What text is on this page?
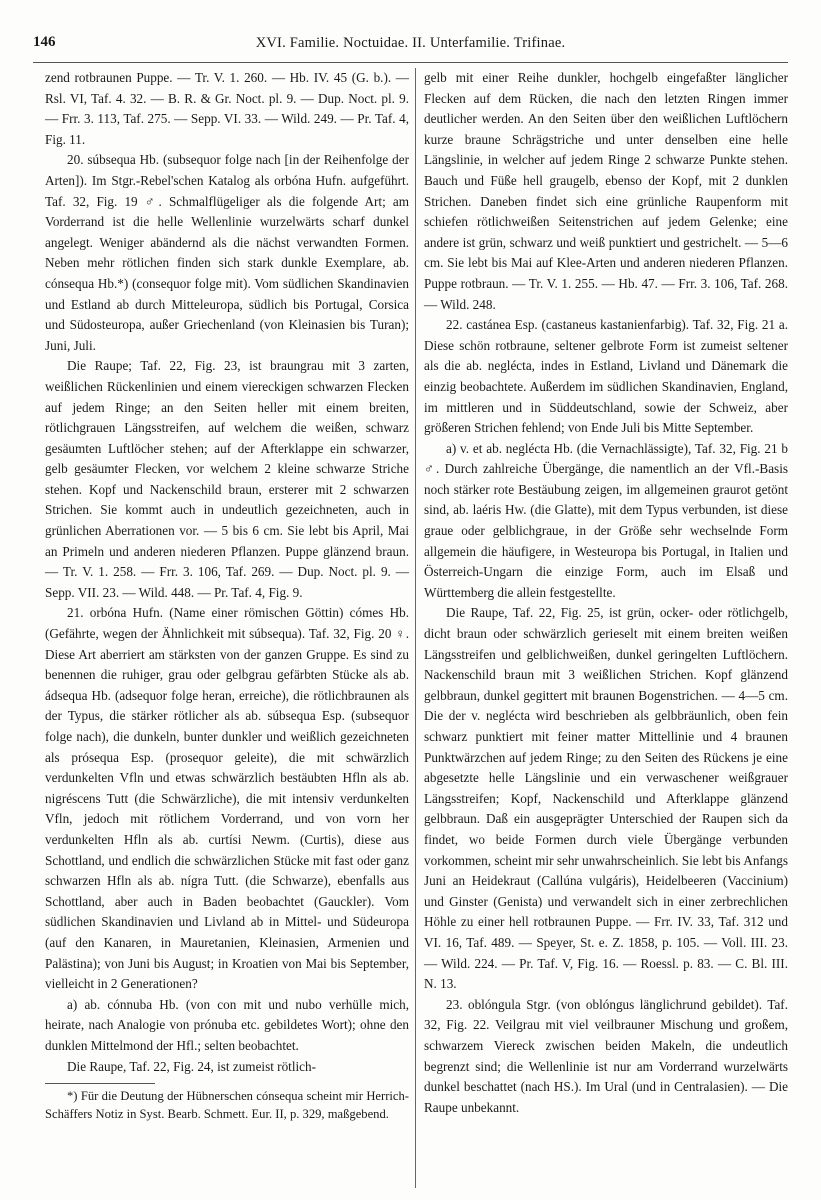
146	XVI. Familie. Noctuidae. II. Unterfamilie. Trifinae.

zend rotbraunen Puppe. — Tr. V. 1. 260. — Hb. IV. 45 (G. b.). — Rsl. VI, Taf. 4. 32. — B. R. & Gr. Noct. pl. 9. — Dup. Noct. pl. 9. — Frr. 3. 113, Taf. 275. — Sepp. VI. 33. — Wild. 249. — Pr. Taf. 4, Fig. 11.

20. súbsequa Hb. (subsequor folge nach [in der Reihenfolge der Arten]). Im Stgr.-Rebel'schen Katalog als orbóna Hufn. aufgeführt. Taf. 32, Fig. 19 ♂. Schmalflügeliger als die folgende Art; am Vorderrand ist die helle Wellenlinie wurzelwärts scharf dunkel angelegt. Weniger abändernd als die nächst verwandten Formen. Neben mehr rötlichen finden sich stark dunkle Exemplare, ab. cónsequa Hb.*) (consequor folge mit). Vom südlichen Skandinavien und Estland ab durch Mitteleuropa, südlich bis Portugal, Corsica und Südosteuropa, außer Griechenland (von Kleinasien bis Turan); Juni, Juli.

Die Raupe; Taf. 22, Fig. 23, ist braungrau mit 3 zarten, weißlichen Rückenlinien und einem viereckigen schwarzen Flecken auf jedem Ringe; an den Seiten heller mit einem breiten, rötlichgrauen Längsstreifen, auf welchem die weißen, schwarz gesäumten Luftlöcher stehen; auf der Afterklappe ein schwarzer, gelb gesäumter Flecken, vor welchem 2 kleine schwarze Striche stehen. Kopf und Nackenschild braun, ersterer mit 2 schwarzen Strichen. Sie kommt auch in undeutlich gezeichneten, auch in grünlichen Aberrationen vor. — 5 bis 6 cm. Sie lebt bis April, Mai an Primeln und anderen niederen Pflanzen. Puppe glänzend braun. — Tr. V. 1. 258. — Frr. 3. 106, Taf. 269. — Dup. Noct. pl. 9. — Sepp. VII. 23. — Wild. 448. — Pr. Taf. 4, Fig. 9.

21. orbóna Hufn. (Name einer römischen Göttin) cómes Hb. (Gefährte, wegen der Ähnlichkeit mit súbsequa). Taf. 32, Fig. 20 ♀. Diese Art aberriert am stärksten von der ganzen Gruppe. Es sind zu benennen die ruhiger, grau oder gelbgrau gefärbten Stücke als ab. ádsequa Hb. (adsequor folge heran, erreiche), die rötlichbraunen als der Typus, die stärker rötlicher als ab. súbsequa Esp. (subsequor folge nach), die dunkeln, bunter dunkler und weißlich gezeichneten als prósequa Esp. (prosequor geleite), die mit schwärzlich verdunkelten Vfln und etwas schwärzlich bestäubten Hfln als ab. nigréscens Tutt (die Schwärzliche), die mit intensiv verdunkelten Vfln, jedoch mit rötlichem Vorderrand, und von vorn her verdunkelten Hfln als ab. curtísi Newm. (Curtis), diese aus Schottland, und endlich die schwärzlichen Stücke mit fast oder ganz schwarzen Hfln als ab. nígra Tutt. (die Schwarze), ebenfalls aus Schottland, aber auch in Baden beobachtet (Gauckler). Vom südlichen Skandinavien und Livland ab in Mittel- und Südeuropa (auf den Kanaren, in Mauretanien, Kleinasien, Armenien und Palästina); von Juni bis August; in Kroatien von Mai bis September, vielleicht in 2 Generationen?

a) ab. cónnuba Hb. (von con mit und nubo verhülle mich, heirate, nach Analogie von prónuba etc. gebildetes Wort); ohne den dunklen Mittelmond der Hfl.; selten beobachtet.

Die Raupe, Taf. 22, Fig. 24, ist zumeist rötlich-

*) Für die Deutung der Hübnerschen cónsequa scheint mir Herrich-Schäffers Notiz in Syst. Bearb. Schmett. Eur. II, p. 329, maßgebend.

gelb mit einer Reihe dunkler, hochgelb eingefaßter länglicher Flecken auf dem Rücken, die nach den letzten Ringen immer deutlicher werden. An den Seiten über den weißlichen Luftlöchern kurze braune Schrägstriche und unter denselben eine helle Längslinie, in welcher auf jedem Ringe 2 schwarze Punkte stehen. Bauch und Füße hell graugelb, ebenso der Kopf, mit 2 dunklen Strichen. Daneben findet sich eine grünliche Raupenform mit schiefen rötlichweißen Seitenstrichen auf jedem Gelenke; eine andere ist grün, schwarz und weiß punktiert und gestrichelt. — 5—6 cm. Sie lebt bis Mai auf Klee-Arten und anderen niederen Pflanzen. Puppe rotbraun. — Tr. V. 1. 255. — Hb. 47. — Frr. 3. 106, Taf. 268. — Wild. 248.

22. castánea Esp. (castaneus kastanienfarbig). Taf. 32, Fig. 21 a. Diese schön rotbraune, seltener gelbrote Form ist zumeist seltener als die ab. neglécta, indes in Estland, Livland und Dänemark die einzig beobachtete. Außerdem im südlichen Skandinavien, England, im mittleren und in Süddeutschland, sowie der Schweiz, aber größeren Strichen fehlend; von Ende Juli bis Mitte September.

a) v. et ab. neglécta Hb. (die Vernachlässigte), Taf. 32, Fig. 21 b ♂. Durch zahlreiche Übergänge, die namentlich an der Vfl.-Basis noch stärker rote Bestäubung zeigen, im allgemeinen graurot getönt sind, ab. laéris Hw. (die Glatte), mit dem Typus verbunden, ist diese graue oder gelblichgraue, in der Größe sehr wechselnde Form allgemein die häufigere, in Westeuropa bis Portugal, in Italien und Österreich-Ungarn die einzige Form, auch im Elsaß und Württemberg die allein festgestellte.

Die Raupe, Taf. 22, Fig. 25, ist grün, ocker- oder rötlichgelb, dicht braun oder schwärzlich gerieselt mit einem breiten weißen Längsstreifen und gelblichweißen, dunkel geringelten Luftlöchern. Nackenschild braun mit 3 weißlichen Strichen. Kopf glänzend gelbbraun, dunkel gegittert mit braunen Bogenstrichen. — 4—5 cm. Die der v. neglécta wird beschrieben als gelbbräunlich, oben fein schwarz punktiert mit feiner matter Mittellinie und 4 braunen Punktwärzchen auf jedem Ringe; zu den Seiten des Rückens je eine abgesetzte helle Längslinie und ein verwaschener weißgrauer Längsstreifen; Kopf, Nackenschild und Afterklappe glänzend gelbbraun. Daß ein ausgeprägter Unterschied der Raupen sich da findet, wo beide Formen durch viele Übergänge verbunden vorkommen, scheint mir sehr unwahrscheinlich. Sie lebt bis Anfangs Juni an Heidekraut (Callúna vulgáris), Heidelbeeren (Vaccinium) und Ginster (Genista) und verwandelt sich in einer zerbrechlichen Höhle zu einer hell rotbraunen Puppe. — Frr. IV. 33, Taf. 312 und VI. 16, Taf. 489. — Speyer, St. e. Z. 1858, p. 105. — Voll. III. 23. — Wild. 224. — Pr. Taf. V, Fig. 16. — Roessl. p. 83. — C. Bl. III. N. 13.

23. oblóngula Stgr. (von oblóngus länglichrund gebildet). Taf. 32, Fig. 22. Veilgrau mit viel veilbrauner Mischung und großem, schwarzem Viereck zwischen beiden Makeln, die undeutlich begrenzt sind; die Wellenlinie ist nur am Vorderrand wurzelwärts dunkel beschattet (nach HS.). Im Ural (und in Centralasien). — Die Raupe unbekannt.
